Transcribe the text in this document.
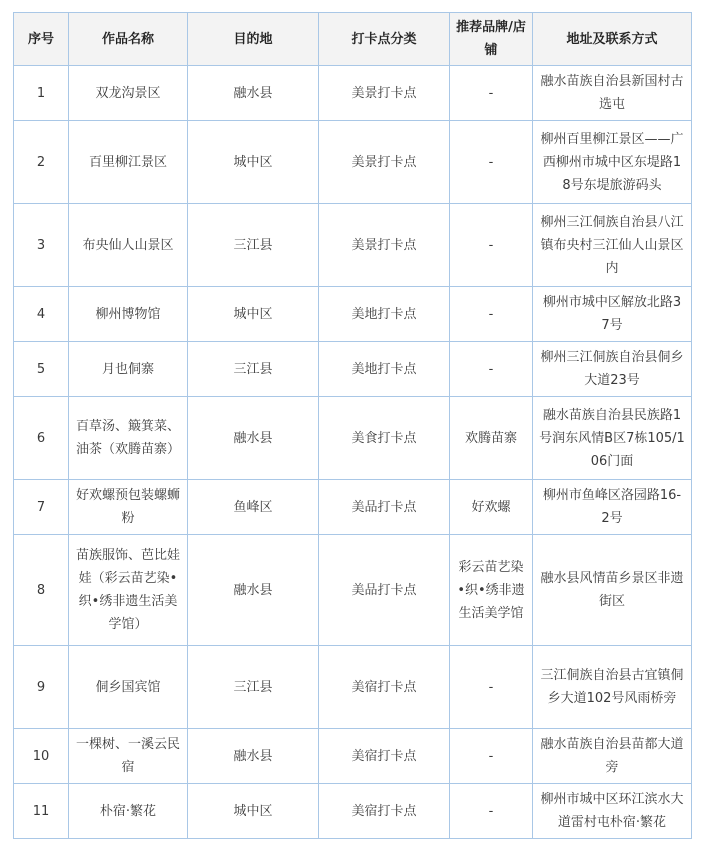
序号	作品名称	目的地	打卡点分类	推荐品牌/店铺	地址及联系方式
1	双龙沟景区	融水县	美景打卡点	-	融水苗族自治县新国村古选屯
2	百里柳江景区	城中区	美景打卡点	-	柳州百里柳江景区——广西柳州市城中区东堤路18号东堤旅游码头
3	布央仙人山景区	三江县	美景打卡点	-	柳州三江侗族自治县八江镇布央村三江仙人山景区内
4	柳州博物馆	城中区	美地打卡点	-	柳州市城中区解放北路37号
5	月也侗寨	三江县	美地打卡点	-	柳州三江侗族自治县侗乡大道23号
6	百草汤、簸箕菜、油茶（欢腾苗寨）	融水县	美食打卡点	欢腾苗寨	融水苗族自治县民族路1号润东风情B区7栋105/106门面
7	好欢螺预包装螺蛳粉	鱼峰区	美品打卡点	好欢螺	柳州市鱼峰区洛园路16-2号
8	苗族服饰、芭比娃娃（彩云苗艺染•织•绣非遗生活美学馆）	融水县	美品打卡点	彩云苗艺染•织•绣非遗生活美学馆	融水县风情苗乡景区非遗街区
9	侗乡国宾馆	三江县	美宿打卡点	-	三江侗族自治县古宜镇侗乡大道102号风雨桥旁
10	一棵树、一溪云民宿	融水县	美宿打卡点	-	融水苗族自治县苗都大道旁
11	朴宿·繁花	城中区	美宿打卡点	-	柳州市城中区环江滨水大道雷村屯朴宿·繁花
